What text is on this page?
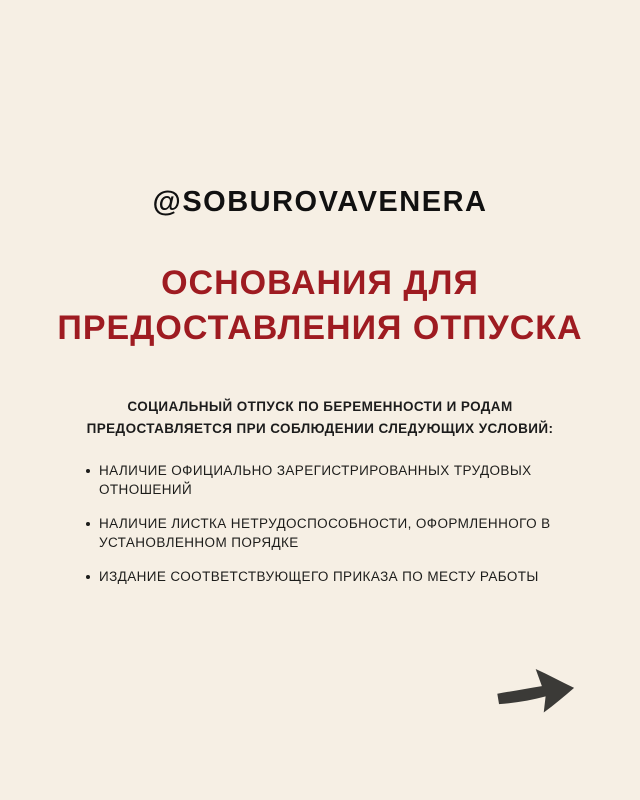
@SOBUROVAVENERA
ОСНОВАНИЯ ДЛЯ
ПРЕДОСТАВЛЕНИЯ ОТПУСКА
СОЦИАЛЬНЫЙ ОТПУСК ПО БЕРЕМЕННОСТИ И РОДАМ
ПРЕДОСТАВЛЯЕТСЯ ПРИ СОБЛЮДЕНИИ СЛЕДУЮЩИХ УСЛОВИЙ:
НАЛИЧИЕ ОФИЦИАЛЬНО ЗАРЕГИСТРИРОВАННЫХ ТРУДОВЫХ ОТНОШЕНИЙ
НАЛИЧИЕ ЛИСТКА НЕТРУДОСПОСОБНОСТИ, ОФОРМЛЕННОГО В УСТАНОВЛЕННОМ ПОРЯДКЕ
ИЗДАНИЕ СООТВЕТСТВУЮЩЕГО ПРИКАЗА ПО МЕСТУ РАБОТЫ
